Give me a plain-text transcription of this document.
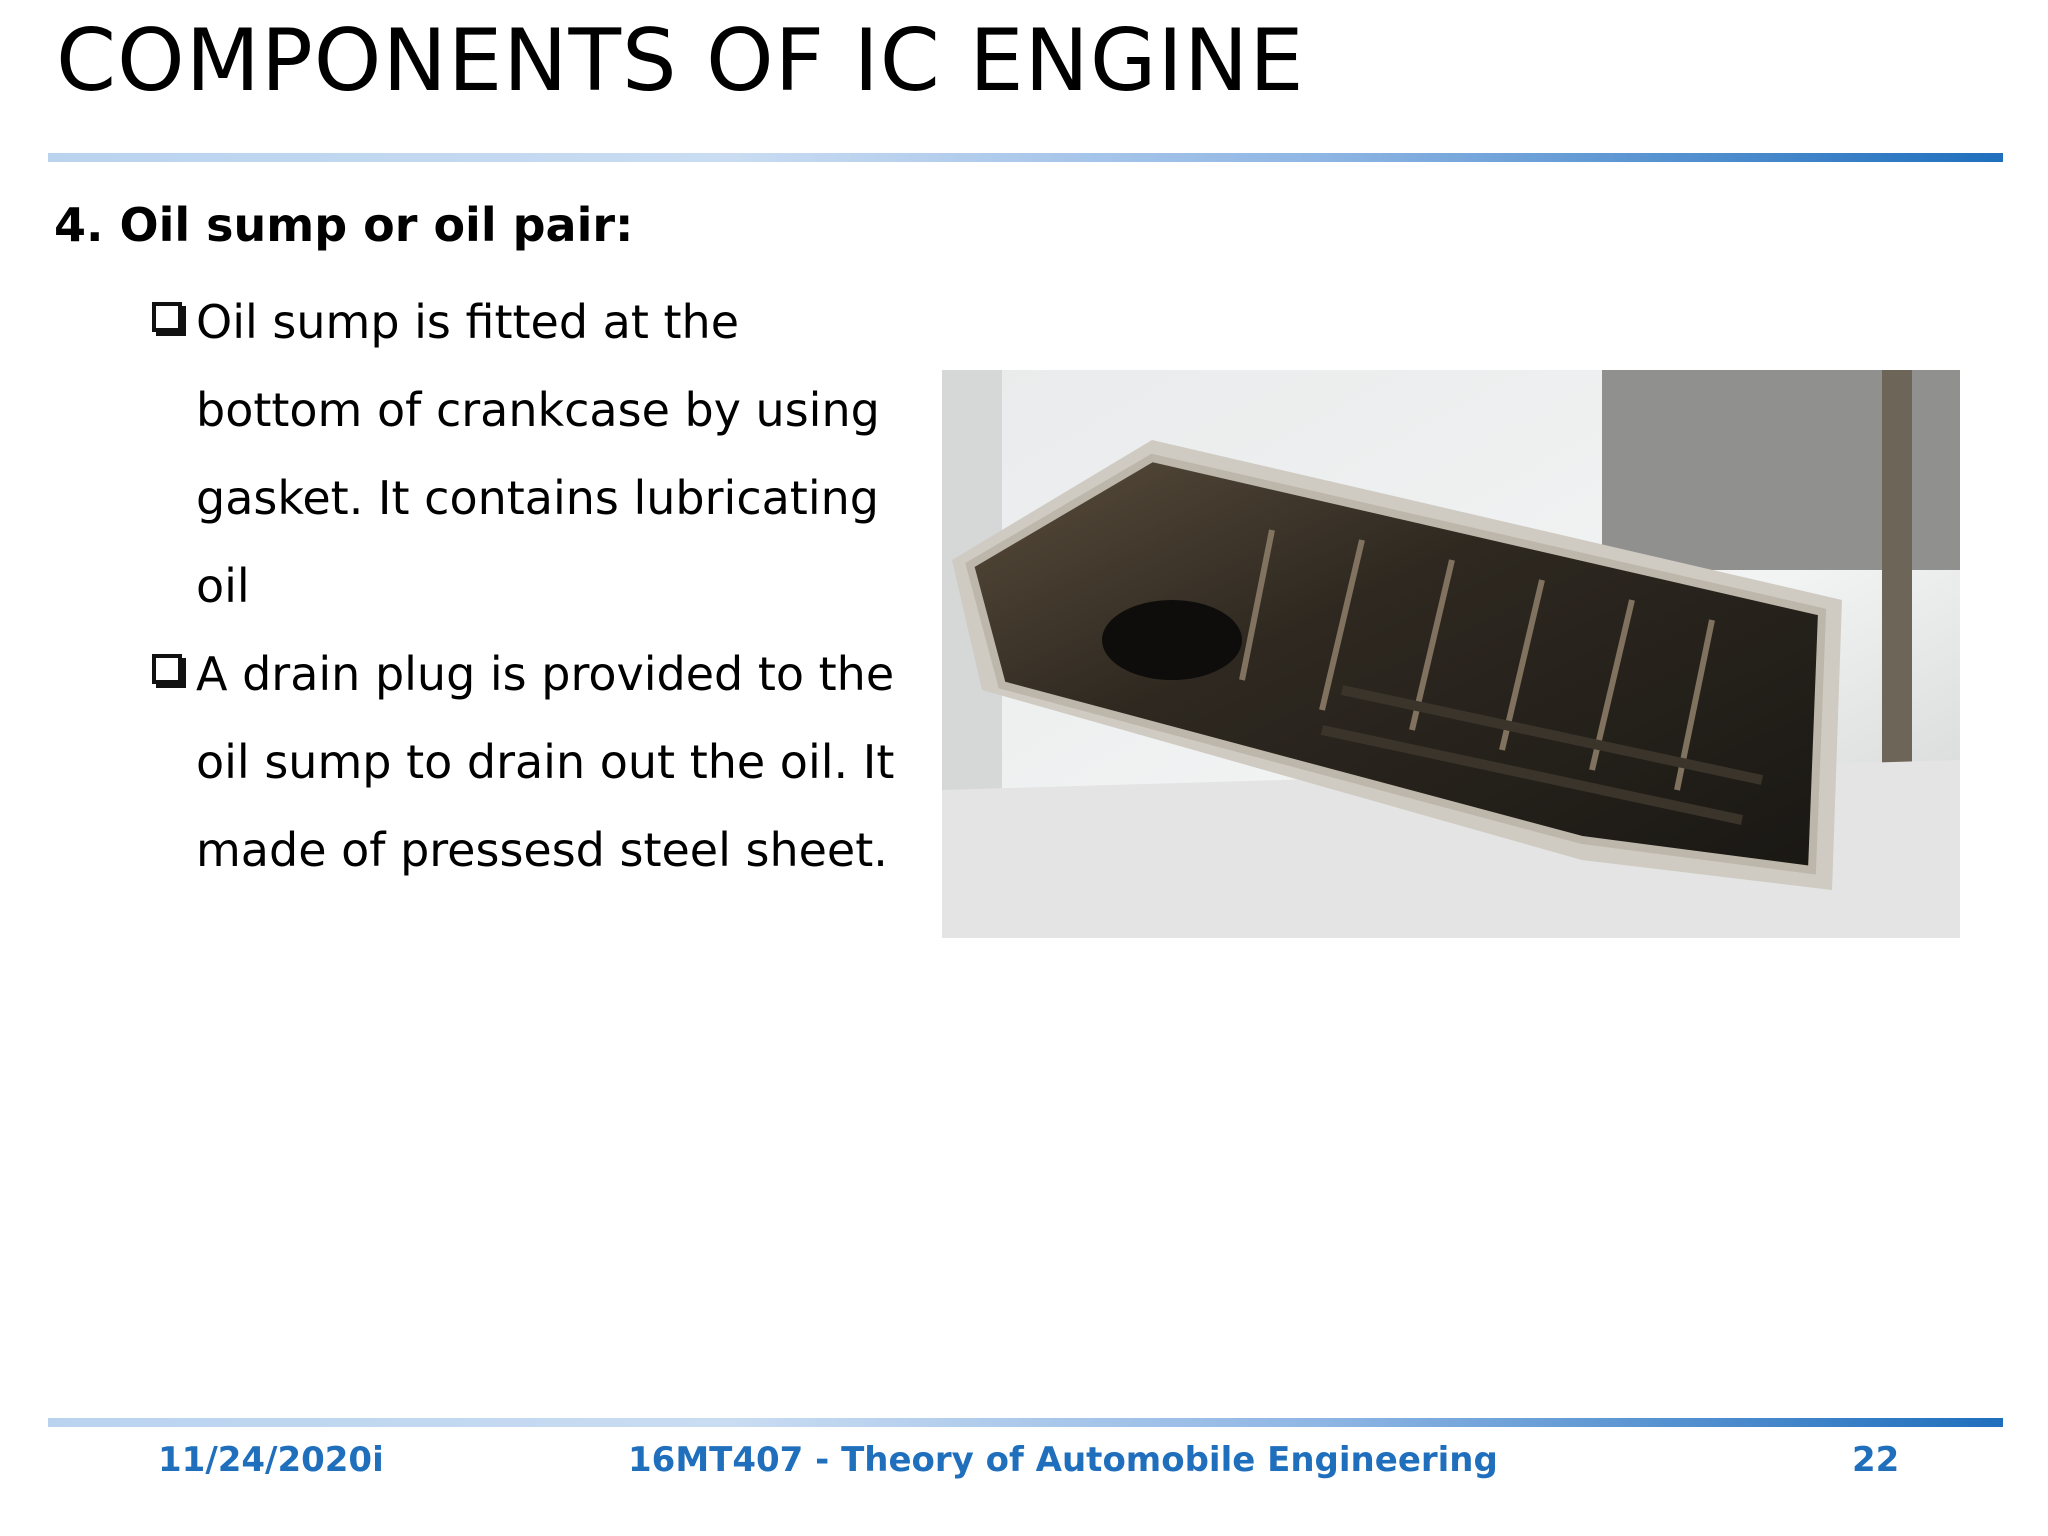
COMPONENTS OF IC ENGINE
4. Oil sump or oil pair:
Oil sump is fitted at the bottom of crankcase by using gasket. It contains lubricating oil
A drain plug is provided to the oil sump to drain out the oil. It made of pressesd steel sheet.
11/24/2020i	16MT407 - Theory of Automobile Engineering	22
